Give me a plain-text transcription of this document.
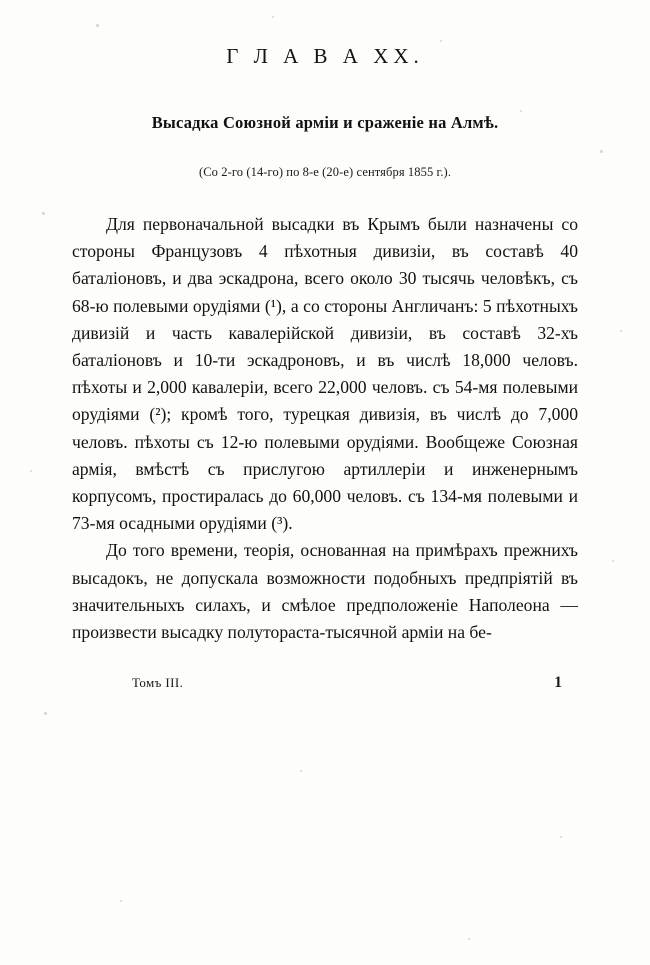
Г Л А В А XX.
Высадка Союзной армiи и сраженiе на Алмѣ.
(Со 2-го (14-го) по 8-е (20-е) сентября 1855 г.).

Для первоначальной высадки въ Крымъ были назначены со стороны Французовъ 4 пѣхотныя дивизiи, въ составѣ 40 баталiоновъ, и два эскадрона, всего около 30 тысячь человѣкъ, съ 68-ю полевыми орудiями (¹), а со стороны Англичанъ: 5 пѣхотныхъ дивизiй и часть кавалерiйской дивизiи, въ составѣ 32-хъ баталiоновъ и 10-ти эскадроновъ, и въ числѣ 18,000 человъ. пѣхоты и 2,000 кавалерiи, всего 22,000 человъ. съ 54-мя полевыми орудiями (²); кромѣ того, турецкая дивизiя, въ числѣ до 7,000 человъ. пѣхоты съ 12-ю полевыми орудiями. Вообщеже Союзная армiя, вмѣстѣ съ прислугою артиллерiи и инженернымъ корпусомъ, простиралась до 60,000 человъ. съ 134-мя полевыми и 73-мя осадными орудiями (³).

До того времени, теорiя, основанная на примѣрахъ прежнихъ высадокъ, не допускала возможности подобныхъ предпрiятiй въ значительныхъ силахъ, и смѣлое предположенiе Наполеона — произвести высадку полутораста-тысячной армiи на бе-

Томъ III.	1
